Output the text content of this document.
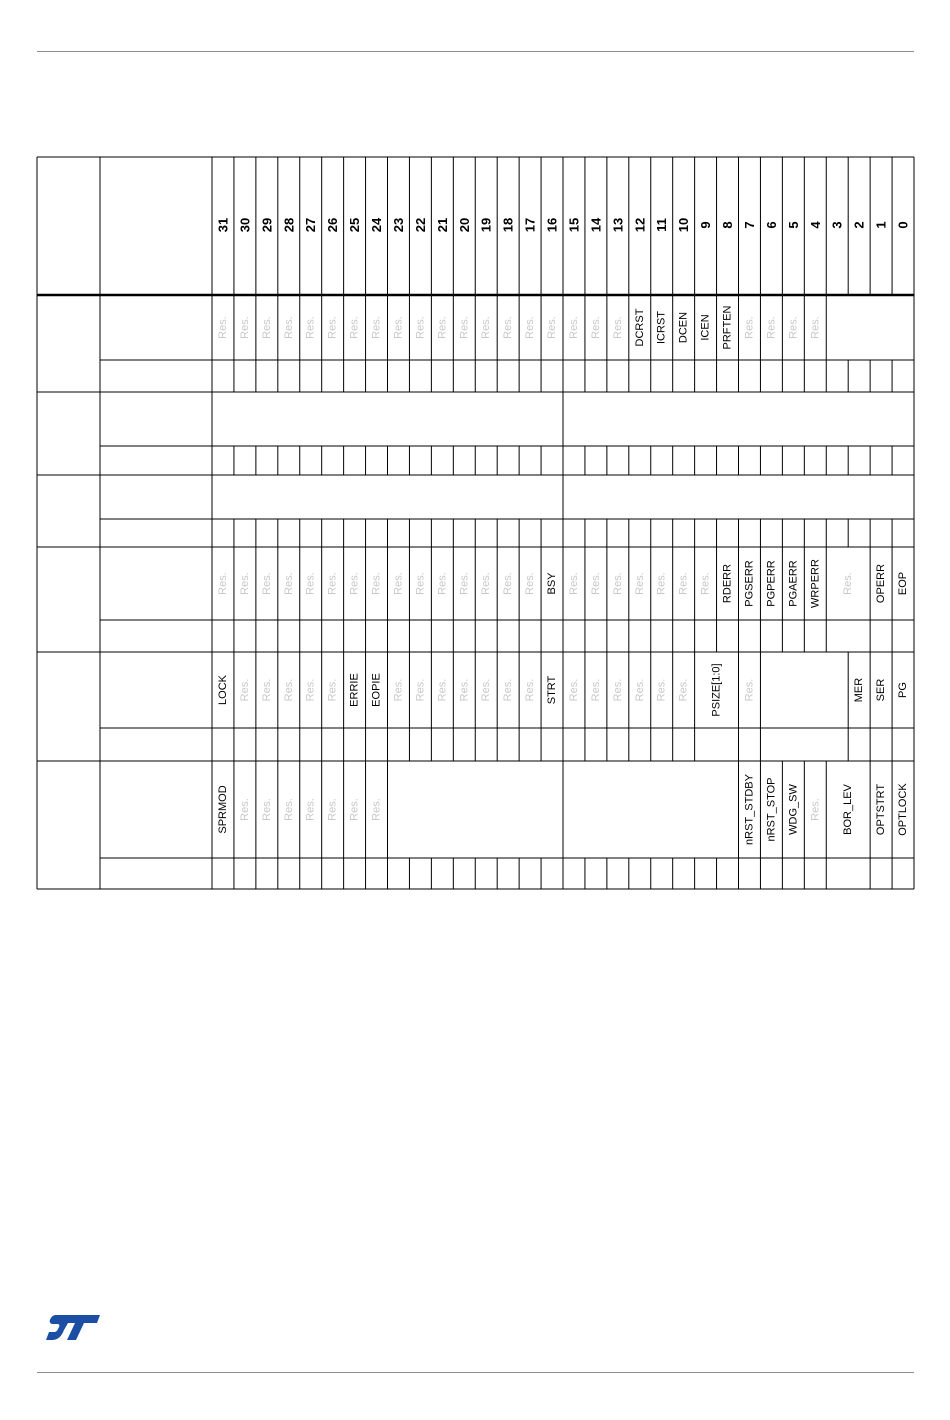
31 30 29 28 27 26 25 24 23 22 21 20 19 18 17 16 15 14 13 12 11 10 9 8 7 6 5 4 3 2 1 0
Res. Res. Res. Res. Res. Res. Res. Res. Res. Res. Res. Res. Res. Res. Res. Res. Res. Res. Res. DCRST ICRST DCEN ICEN PRFTEN Res. Res. Res. Res.
Res. Res. Res. Res. Res. Res. Res. Res. Res. Res. Res. Res. Res. Res. Res. BSY Res. Res. Res. Res. Res. Res. Res. RDERR PGSERR PGPERR PGAERR WRPERR Res. OPERR EOP
LOCK Res. Res. Res. Res. Res. ERRIE EOPIE Res. Res. Res. Res. Res. Res. Res. STRT Res. Res. Res. Res. Res. Res. PSIZE[1:0] Res.	MER SER PG
SPRMOD Res. Res. Res. Res. Res. Res. Res.	nRST_STDBY nRST_STOP WDG_SW Res. BOR_LEV OPTSTRT OPTLOCK
